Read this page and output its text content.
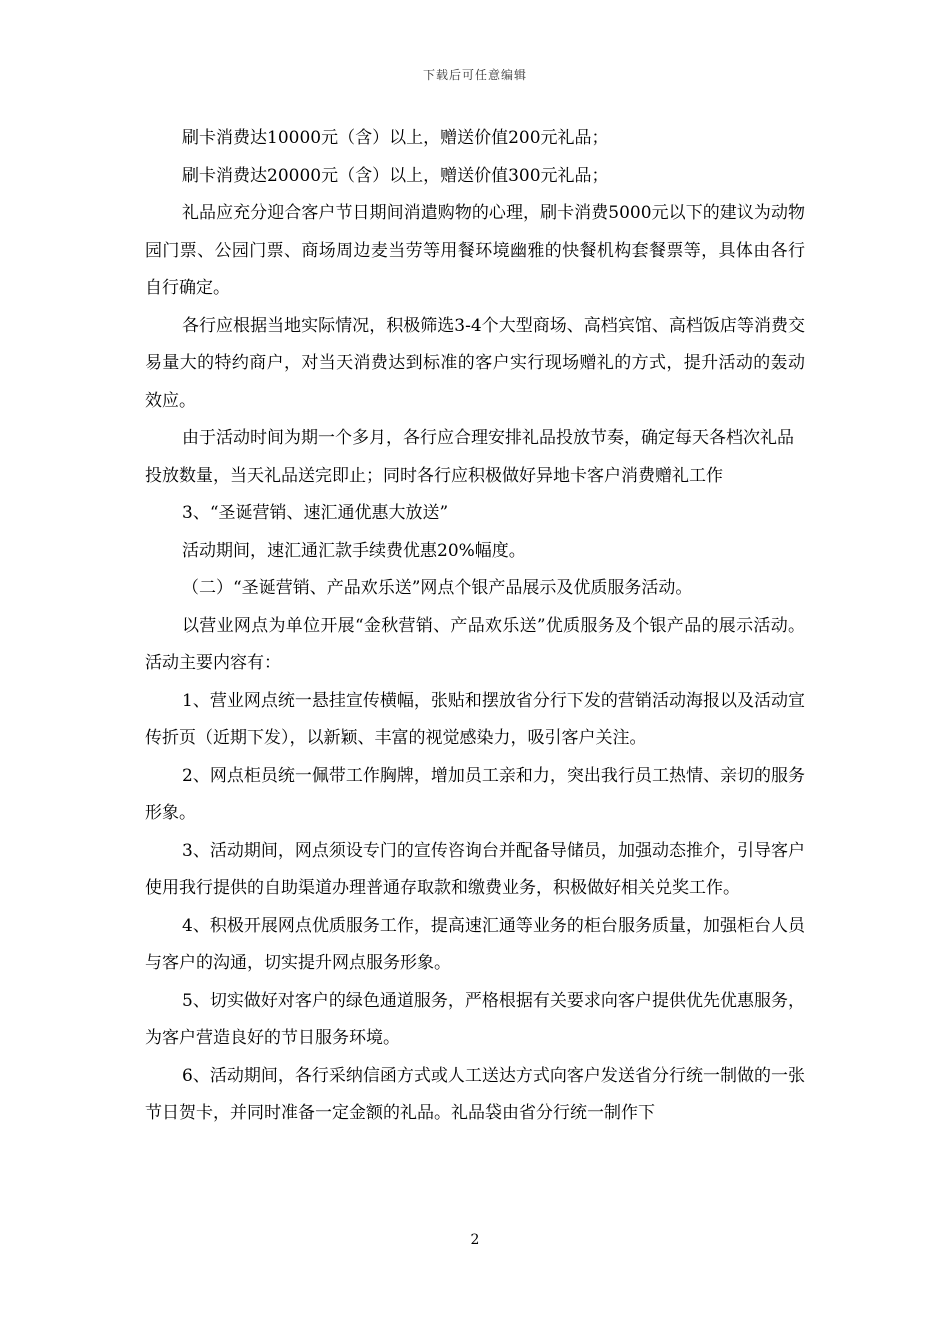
下载后可任意编辑

刷卡消费达10000元（含）以上，赠送价值200元礼品；

刷卡消费达20000元（含）以上，赠送价值300元礼品；

礼品应充分迎合客户节日期间消遣购物的心理，刷卡消费5000元以下的建议为动物园门票、公园门票、商场周边麦当劳等用餐环境幽雅的快餐机构套餐票等，具体由各行自行确定。

各行应根据当地实际情况，积极筛选3-4个大型商场、高档宾馆、高档饭店等消费交易量大的特约商户，对当天消费达到标准的客户实行现场赠礼的方式，提升活动的轰动效应。

由于活动时间为期一个多月，各行应合理安排礼品投放节奏，确定每天各档次礼品投放数量，当天礼品送完即止；同时各行应积极做好异地卡客户消费赠礼工作

3、“圣诞营销、速汇通优惠大放送”

活动期间，速汇通汇款手续费优惠20%幅度。

（二）“圣诞营销、产品欢乐送”网点个银产品展示及优质服务活动。

以营业网点为单位开展“金秋营销、产品欢乐送”优质服务及个银产品的展示活动。活动主要内容有：

1、营业网点统一悬挂宣传横幅，张贴和摆放省分行下发的营销活动海报以及活动宣传折页（近期下发），以新颖、丰富的视觉感染力，吸引客户关注。

2、网点柜员统一佩带工作胸牌，增加员工亲和力，突出我行员工热情、亲切的服务形象。

3、活动期间，网点须设专门的宣传咨询台并配备导储员，加强动态推介，引导客户使用我行提供的自助渠道办理普通存取款和缴费业务，积极做好相关兑奖工作。

4、积极开展网点优质服务工作，提高速汇通等业务的柜台服务质量，加强柜台人员与客户的沟通，切实提升网点服务形象。

5、切实做好对客户的绿色通道服务，严格根据有关要求向客户提供优先优惠服务，为客户营造良好的节日服务环境。

6、活动期间，各行采纳信函方式或人工送达方式向客户发送省分行统一制做的一张节日贺卡，并同时准备一定金额的礼品。礼品袋由省分行统一制作下

2
